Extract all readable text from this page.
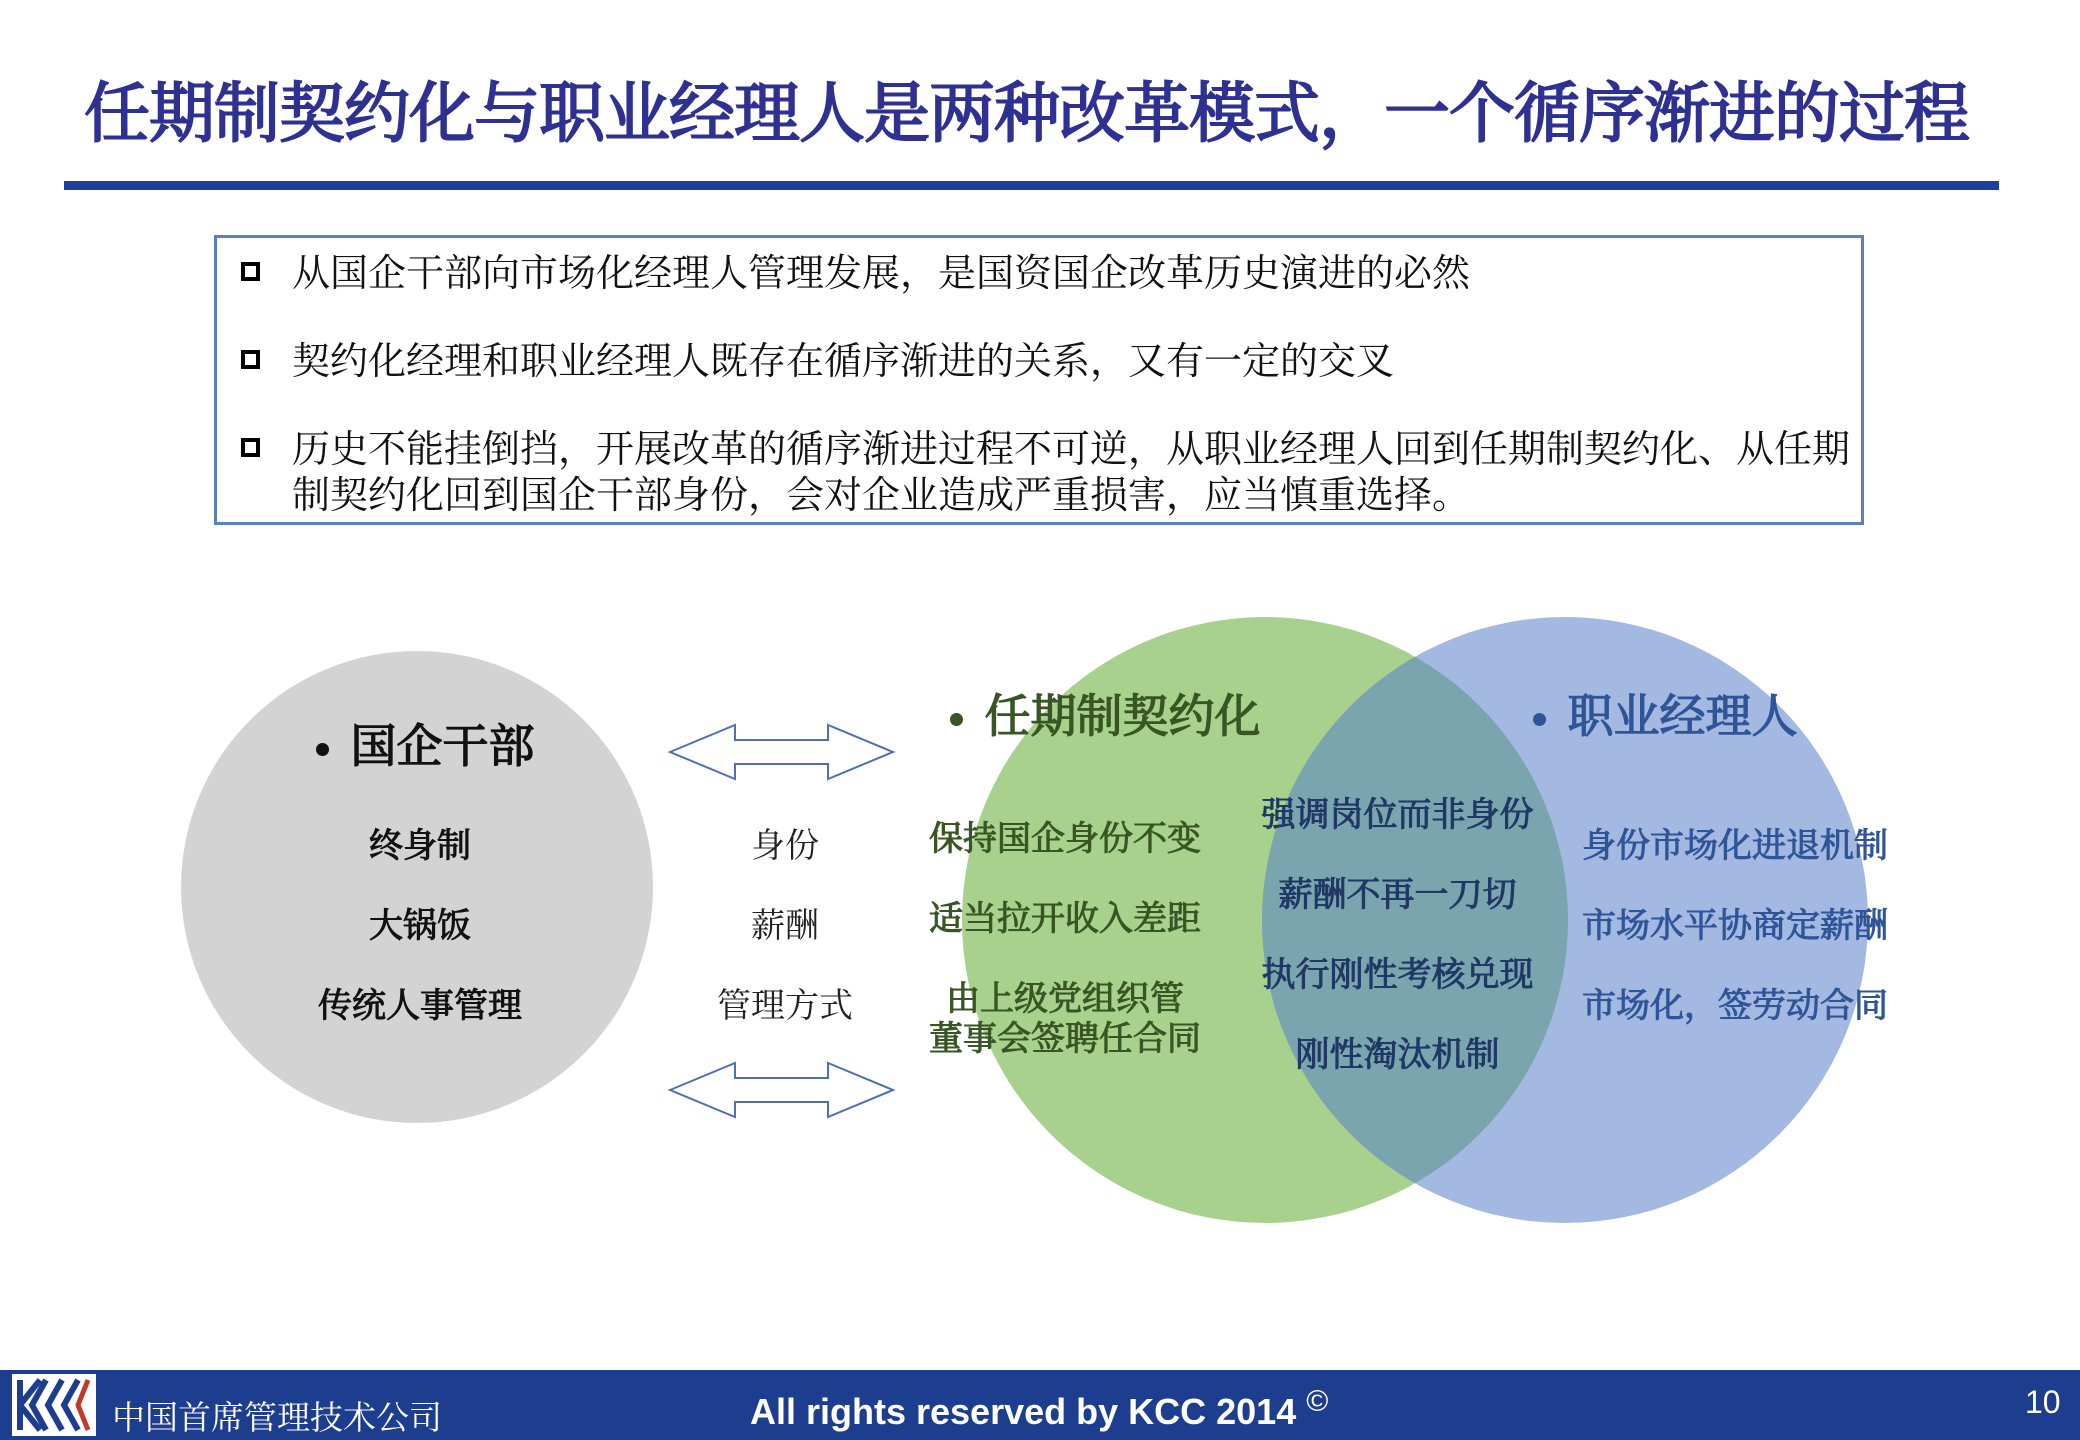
任期制契约化与职业经理人是两种改革模式，一个循序渐进的过程
从国企干部向市场化经理人管理发展，是国资国企改革历史演进的必然
契约化经理和职业经理人既存在循序渐进的关系，又有一定的交叉
历史不能挂倒挡，开展改革的循序渐进过程不可逆，从职业经理人回到任期制契约化、从任期制契约化回到国企干部身份，会对企业造成严重损害，应当慎重选择。
国企干部
终身制
大锅饭
传统人事管理
身份
薪酬
管理方式
任期制契约化
保持国企身份不变
适当拉开收入差距
由上级党组织管
董事会签聘任合同
强调岗位而非身份
薪酬不再一刀切
执行刚性考核兑现
刚性淘汰机制
职业经理人
身份市场化进退机制
市场水平协商定薪酬
市场化，签劳动合同
中国首席管理技术公司	All rights reserved by KCC 2014 ©	10
